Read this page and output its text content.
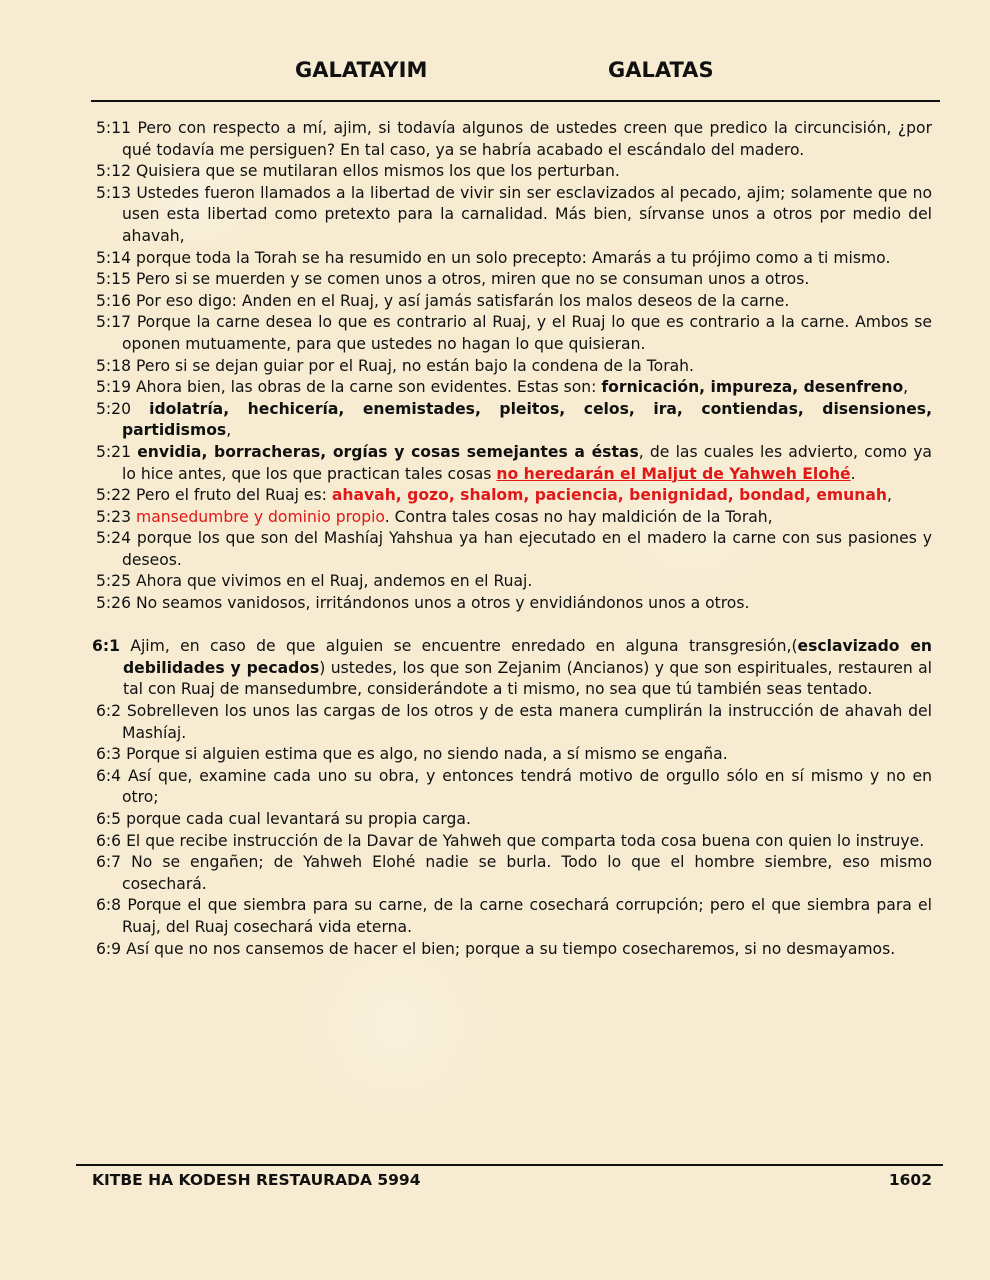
GALATAYIM	GALATAS

5:11 Pero con respecto a mí, ajim, si todavía algunos de ustedes creen que predico la circuncisión, ¿por qué todavía me persiguen? En tal caso, ya se habría acabado el escándalo del madero.

5:12 Quisiera que se mutilaran ellos mismos los que los perturban.

5:13 Ustedes fueron llamados a la libertad de vivir sin ser esclavizados al pecado, ajim; solamente que no usen esta libertad como pretexto para la carnalidad. Más bien, sírvanse unos a otros por medio del ahavah,

5:14 porque toda la Torah se ha resumido en un solo precepto: Amarás a tu prójimo como a ti mismo.

5:15 Pero si se muerden y se comen unos a otros, miren que no se consuman unos a otros.

5:16 Por eso digo: Anden en el Ruaj, y así jamás satisfarán los malos deseos de la carne.

5:17 Porque la carne desea lo que es contrario al Ruaj, y el Ruaj lo que es contrario a la carne. Ambos se oponen mutuamente, para que ustedes no hagan lo que quisieran.

5:18 Pero si se dejan guiar por el Ruaj, no están bajo la condena de la Torah.

5:19 Ahora bien, las obras de la carne son evidentes. Estas son: fornicación, impureza, desenfreno,

5:20 idolatría, hechicería, enemistades, pleitos, celos, ira, contiendas, disensiones, partidismos,

5:21 envidia, borracheras, orgías y cosas semejantes a éstas, de las cuales les advierto, como ya lo hice antes, que los que practican tales cosas no heredarán el Maljut de Yahweh Elohé.

5:22 Pero el fruto del Ruaj es: ahavah, gozo, shalom, paciencia, benignidad, bondad, emunah,

5:23 mansedumbre y dominio propio. Contra tales cosas no hay maldición de la Torah,

5:24 porque los que son del Mashíaj Yahshua ya han ejecutado en el madero la carne con sus pasiones y deseos.

5:25 Ahora que vivimos en el Ruaj, andemos en el Ruaj.

5:26 No seamos vanidosos, irritándonos unos a otros y envidiándonos unos a otros.

6:1 Ajim, en caso de que alguien se encuentre enredado en alguna transgresión,(esclavizado en debilidades y pecados) ustedes, los que son Zejanim (Ancianos) y que son espirituales, restauren al tal con Ruaj de mansedumbre, considerándote a ti mismo, no sea que tú también seas tentado.

6:2 Sobrelleven los unos las cargas de los otros y de esta manera cumplirán la instrucción de ahavah del Mashíaj.

6:3 Porque si alguien estima que es algo, no siendo nada, a sí mismo se engaña.

6:4 Así que, examine cada uno su obra, y entonces tendrá motivo de orgullo sólo en sí mismo y no en otro;

6:5 porque cada cual levantará su propia carga.

6:6 El que recibe instrucción de la Davar de Yahweh que comparta toda cosa buena con quien lo instruye.

6:7 No se engañen; de Yahweh Elohé nadie se burla. Todo lo que el hombre siembre, eso mismo cosechará.

6:8 Porque el que siembra para su carne, de la carne cosechará corrupción; pero el que siembra para el Ruaj, del Ruaj cosechará vida eterna.

6:9 Así que no nos cansemos de hacer el bien; porque a su tiempo cosecharemos, si no desmayamos.

KITBE HA KODESH RESTAURADA 5994	1602
